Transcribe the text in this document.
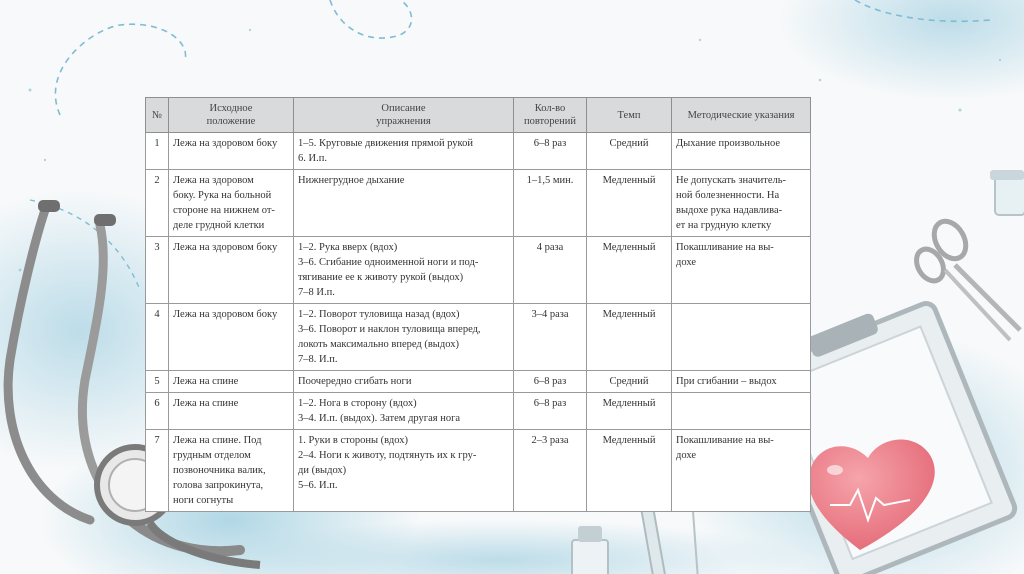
№	Исходное
положение	Описание
упражнения	Кол-во
повторений	Темп	Методические указания
1	Лежа на здоровом боку	1–5. Круговые движения прямой рукой
6. И.п.	6–8 раз	Средний	Дыхание произвольное
2	Лежа на здоровом
боку. Рука на больной
стороне на нижнем от-
деле грудной клетки	Нижнегрудное дыхание	1–1,5 мин.	Медленный	Не допускать значитель-
ной болезненности. На
выдохе рука надавлива-
ет на грудную клетку
3	Лежа на здоровом боку	1–2. Рука вверх (вдох)
3–6. Сгибание одноименной ноги и под-
тягивание ее к животу рукой (выдох)
7–8 И.п.	4 раза	Медленный	Покашливание на вы-
дохе
4	Лежа на здоровом боку	1–2. Поворот туловища назад (вдох)
3–6. Поворот и наклон туловища вперед,
локоть максимально вперед (выдох)
7–8. И.п.	3–4 раза	Медленный	
5	Лежа на спине	Поочередно сгибать ноги	6–8 раз	Средний	При сгибании – выдох
6	Лежа на спине	1–2. Нога в сторону (вдох)
3–4. И.п. (выдох). Затем другая нога	6–8 раз	Медленный	
7	Лежа на спине. Под
грудным отделом
позвоночника валик,
голова запрокинута,
ноги согнуты	1. Руки в стороны (вдох)
2–4. Ноги к животу, подтянуть их к гру-
ди (выдох)
5–6. И.п.	2–3 раза	Медленный	Покашливание на вы-
дохе
